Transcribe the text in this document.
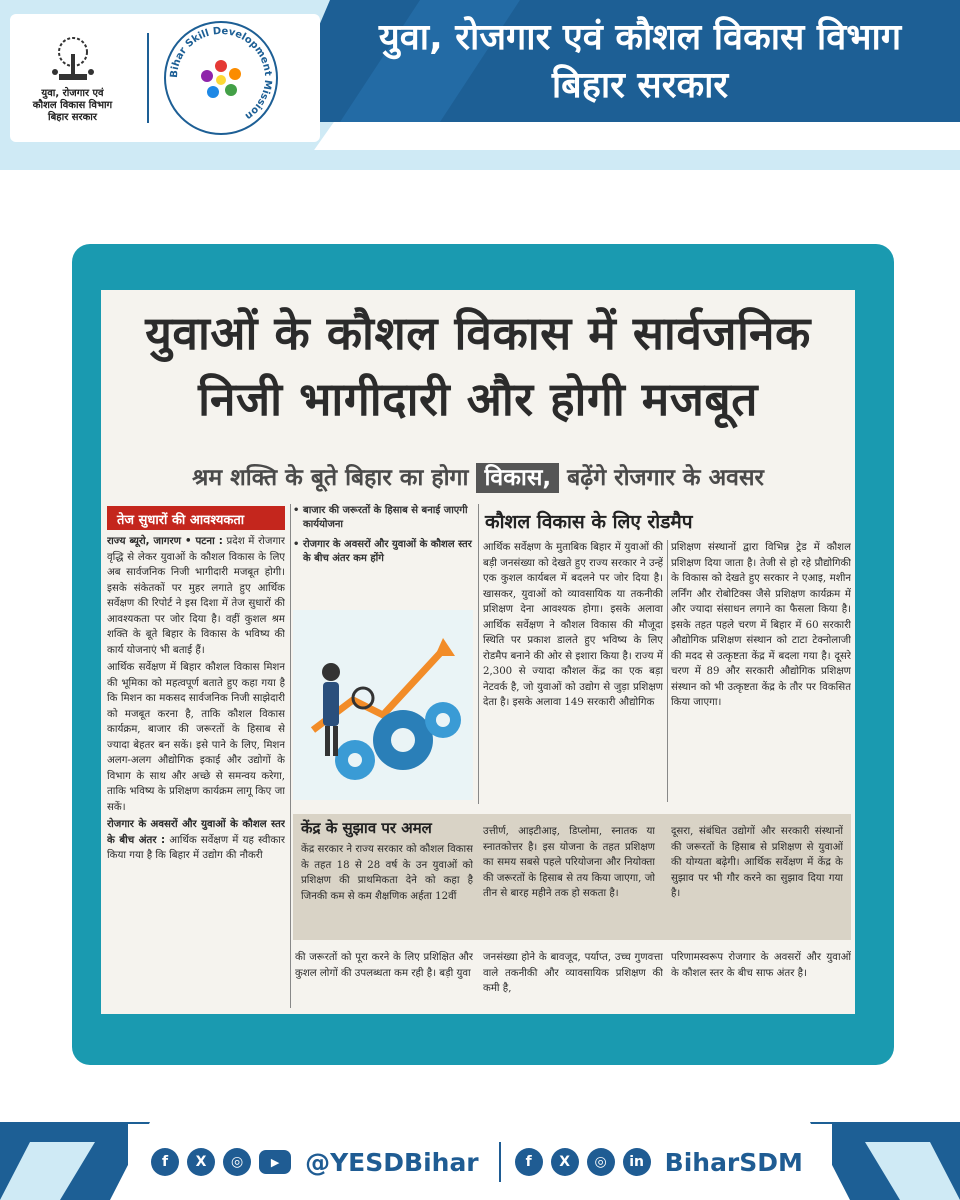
युवा, रोजगार एवं
कौशल विकास विभाग
बिहार सरकार
Bihar Skill Development Mission
युवा, रोजगार एवं कौशल विकास विभाग
बिहार सरकार
युवाओं के कौशल विकास में सार्वजनिक
निजी भागीदारी और होगी मजबूत
श्रम शक्ति के बूते बिहार का होगा विकास, बढ़ेंगे रोजगार के अवसर
तेज सुधारों की आवश्यकता

राज्य ब्यूरो, जागरण • पटना : प्रदेश में रोजगार वृद्धि से लेकर युवाओं के कौशल विकास के लिए अब सार्वजनिक निजी भागीदारी मजबूत होगी। इसके संकेतकों पर मुहर लगाते हुए आर्थिक सर्वेक्षण की रिपोर्ट ने इस दिशा में तेज सुधारों की आवश्यकता पर जोर दिया है। वहीं कुशल श्रम शक्ति के बूते बिहार के विकास के भविष्य की कार्य योजनाएं भी बताई हैं।

आर्थिक सर्वेक्षण में बिहार कौशल विकास मिशन की भूमिका को महत्वपूर्ण बताते हुए कहा गया है कि मिशन का मकसद सार्वजनिक निजी साझेदारी को मजबूत करना है, ताकि कौशल विकास कार्यक्रम, बाजार की जरूरतों के हिसाब से ज्यादा बेहतर बन सकें। इसे पाने के लिए, मिशन अलग-अलग औद्योगिक इकाई और उद्योगों के विभाग के साथ और अच्छे से समन्वय करेगा, ताकि भविष्य के प्रशिक्षण कार्यक्रम लागू किए जा सकें।

रोजगार के अवसरों और युवाओं के कौशल स्तर के बीच अंतर : आर्थिक सर्वेक्षण में यह स्वीकार किया गया है कि बिहार में उद्योग की नौकरी

• बाजार की जरूरतों के हिसाब से बनाई जाएगी कार्ययोजना
• रोजगार के अवसरों और युवाओं के कौशल स्तर के बीच अंतर कम होंगे
कौशल विकास के लिए रोडमैप
आर्थिक सर्वेक्षण के मुताबिक बिहार में युवाओं की बड़ी जनसंख्या को देखते हुए राज्य सरकार ने उन्हें एक कुशल कार्यबल में बदलने पर जोर दिया है। खासकर, युवाओं को व्यावसायिक या तकनीकी प्रशिक्षण देना आवश्यक होगा। इसके अलावा आर्थिक सर्वेक्षण ने कौशल विकास की मौजूदा स्थिति पर प्रकाश डालते हुए भविष्य के लिए रोडमैप बनाने की ओर से इशारा किया है। राज्य में 2,300 से ज्यादा कौशल केंद्र का एक बड़ा नेटवर्क है, जो युवाओं को उद्योग से जुड़ा प्रशिक्षण देता है। इसके अलावा 149 सरकारी औद्योगिक
प्रशिक्षण संस्थानों द्वारा विभिन्न ट्रेड में कौशल प्रशिक्षण दिया जाता है। तेजी से हो रहे प्रौद्योगिकी के विकास को देखते हुए सरकार ने एआइ, मशीन लर्निंग और रोबोटिक्स जैसे प्रशिक्षण कार्यक्रम में और ज्यादा संसाधन लगाने का फैसला किया है। इसके तहत पहले चरण में बिहार में 60 सरकारी औद्योगिक प्रशिक्षण संस्थान को टाटा टेक्नोलाजी की मदद से उत्कृष्टता केंद्र में बदला गया है। दूसरे चरण में 89 और सरकारी औद्योगिक प्रशिक्षण संस्थान को भी उत्कृष्टता केंद्र के तौर पर विकसित किया जाएगा।
केंद्र के सुझाव पर अमल
केंद्र सरकार ने राज्य सरकार को कौशल विकास के तहत 18 से 28 वर्ष के उन युवाओं को प्रशिक्षण की प्राथमिकता देने को कहा है जिनकी कम से कम शैक्षणिक अर्हता 12वीं
उत्तीर्ण, आइटीआइ, डिप्लोमा, स्नातक या स्नातकोत्तर है। इस योजना के तहत प्रशिक्षण का समय सबसे पहले परियोजना और नियोक्ता की जरूरतों के हिसाब से तय किया जाएगा, जो तीन से बारह महीने तक हो सकता है।
दूसरा, संबंधित उद्योगों और सरकारी संस्थानों की जरूरतों के हिसाब से प्रशिक्षण से युवाओं की योग्यता बढ़ेगी। आर्थिक सर्वेक्षण में केंद्र के सुझाव पर भी गौर करने का सुझाव दिया गया है।
की जरूरतों को पूरा करने के लिए प्रशिक्षित और कुशल लोगों की उपलब्धता कम रही है। बड़ी युवा
जनसंख्या होने के बावजूद, पर्याप्त, उच्च गुणवत्ता वाले तकनीकी और व्यावसायिक प्रशिक्षण की कमी है,
परिणामस्वरूप रोजगार के अवसरों और युवाओं के कौशल स्तर के बीच साफ अंतर है।
f	X	◎	▶	@YESDBihar	f	X	◎	in BiharSDM
